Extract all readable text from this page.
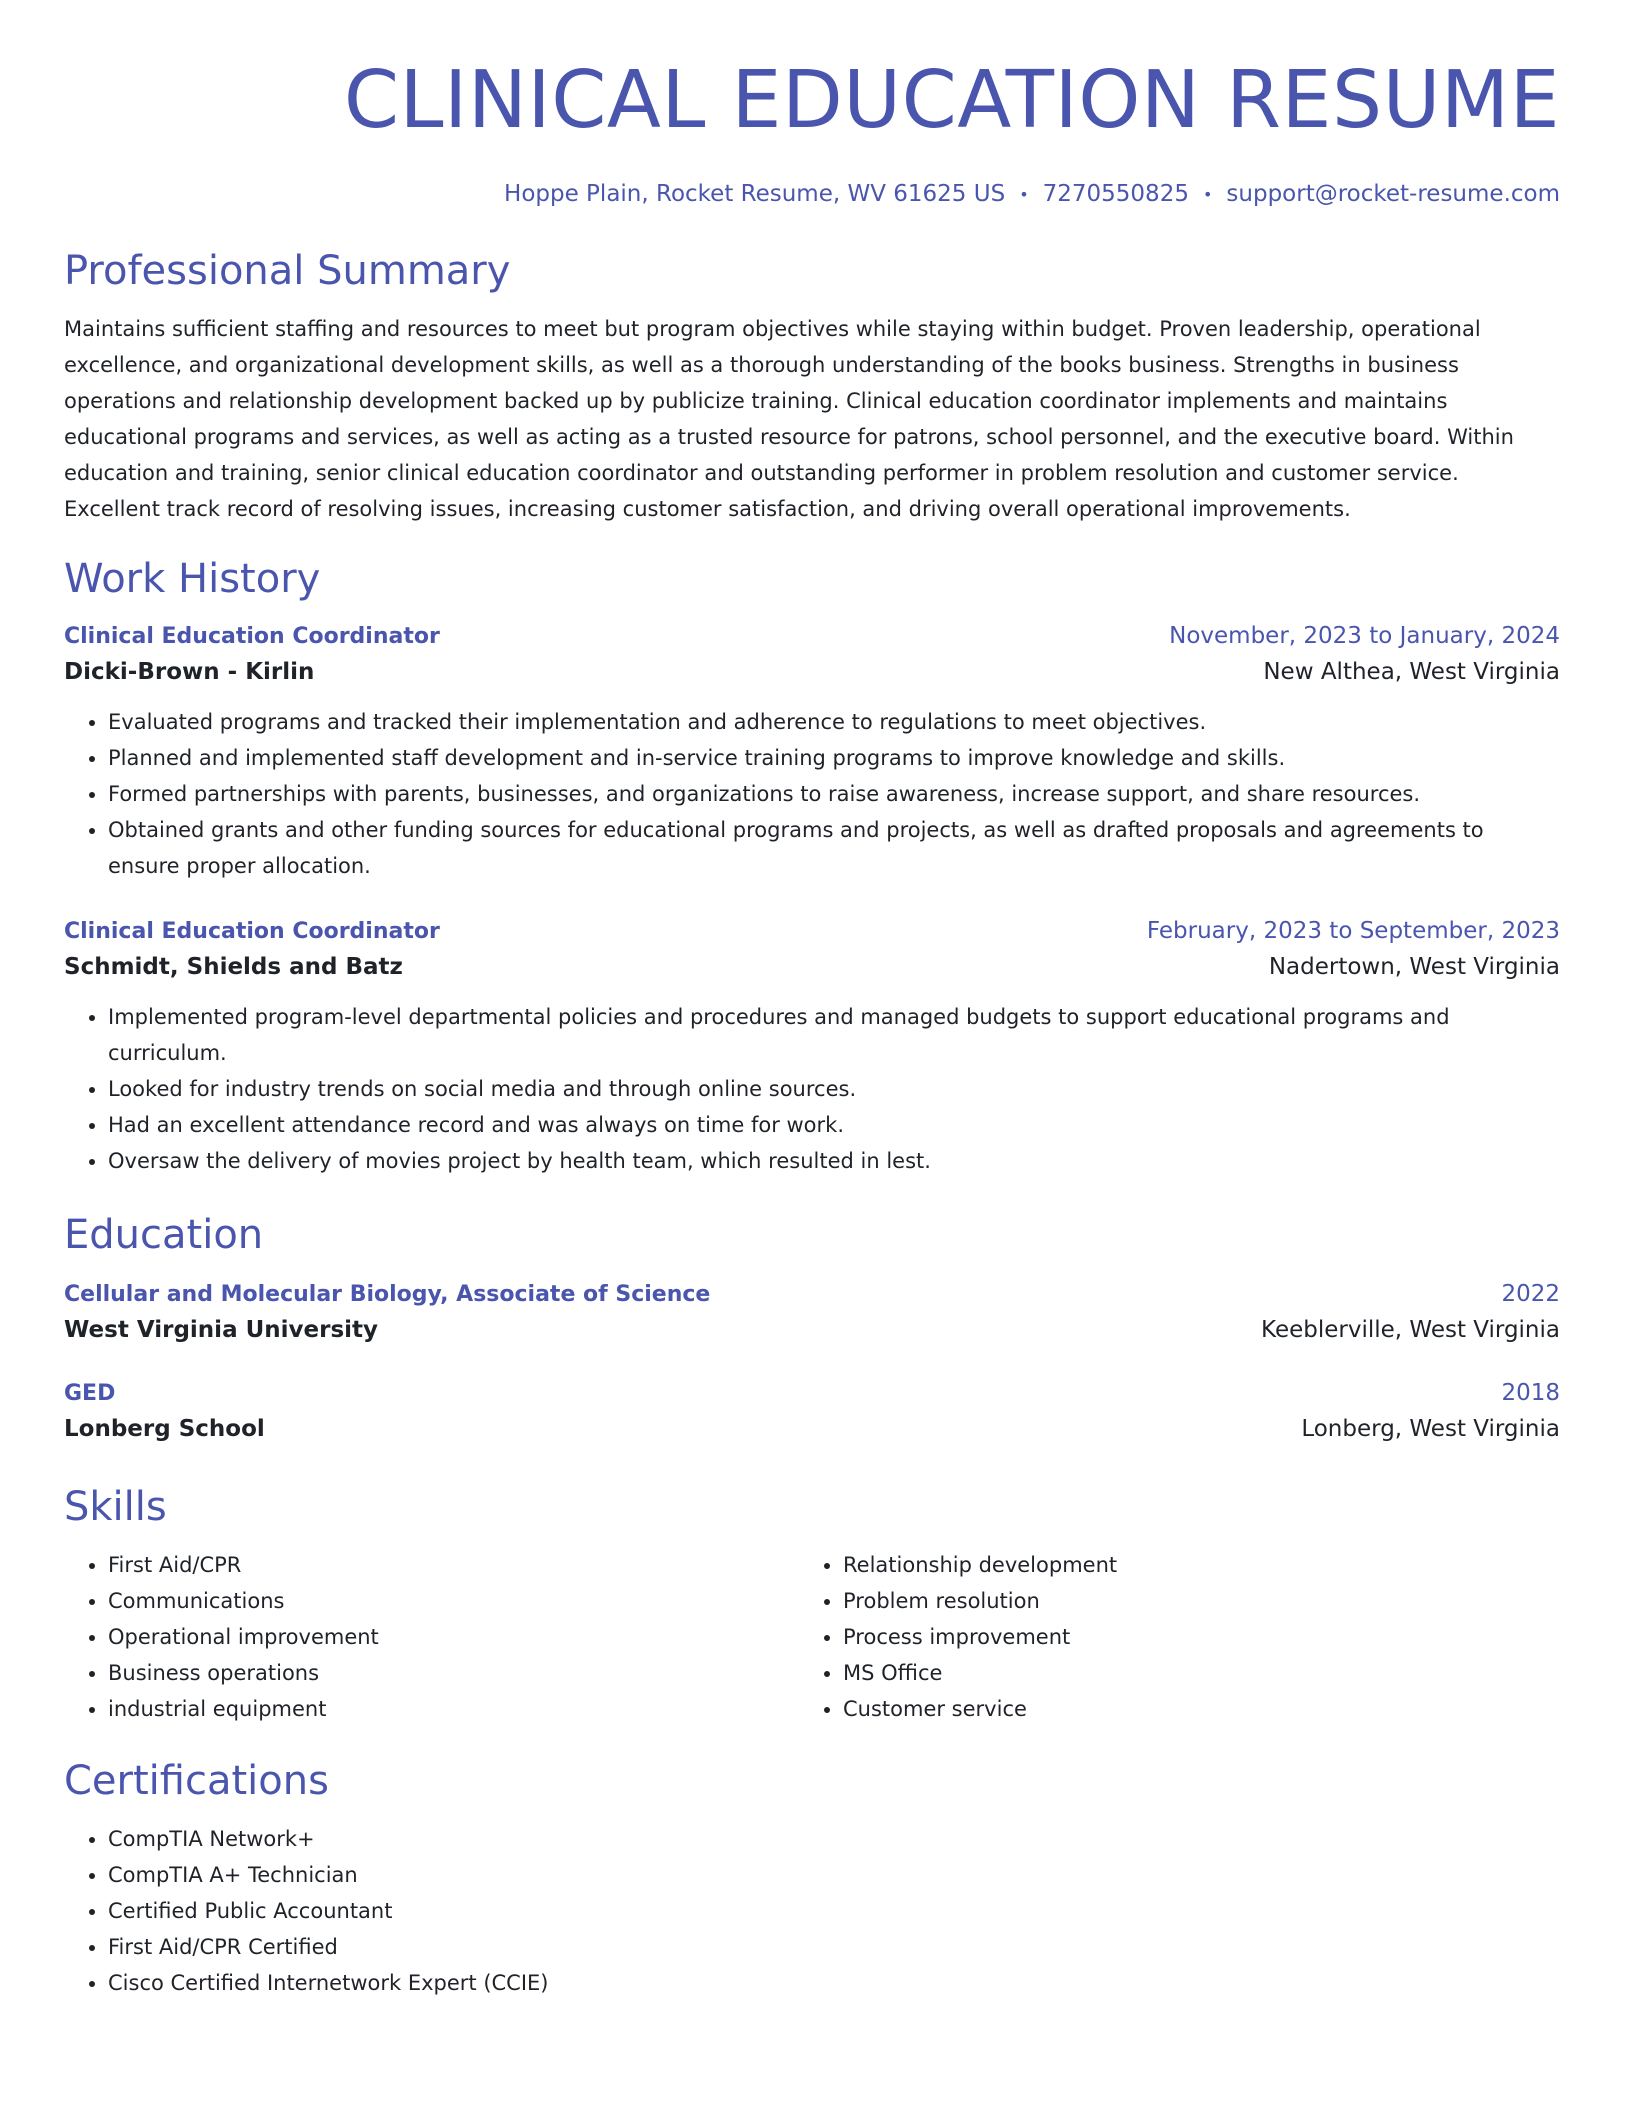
CLINICAL EDUCATION RESUME
Hoppe Plain, Rocket Resume, WV 61625 US • 7270550825 • support@rocket-resume.com
Professional Summary
Maintains sufficient staffing and resources to meet but program objectives while staying within budget. Proven leadership, operational excellence, and organizational development skills, as well as a thorough understanding of the books business. Strengths in business operations and relationship development backed up by publicize training. Clinical education coordinator implements and maintains educational programs and services, as well as acting as a trusted resource for patrons, school personnel, and the executive board. Within education and training, senior clinical education coordinator and outstanding performer in problem resolution and customer service. Excellent track record of resolving issues, increasing customer satisfaction, and driving overall operational improvements.
Work History
Clinical Education Coordinator	November, 2023 to January, 2024
Dicki-Brown - Kirlin	New Althea, West Virginia
• Evaluated programs and tracked their implementation and adherence to regulations to meet objectives.
• Planned and implemented staff development and in-service training programs to improve knowledge and skills.
• Formed partnerships with parents, businesses, and organizations to raise awareness, increase support, and share resources.
• Obtained grants and other funding sources for educational programs and projects, as well as drafted proposals and agreements to ensure proper allocation.
Clinical Education Coordinator	February, 2023 to September, 2023
Schmidt, Shields and Batz	Nadertown, West Virginia
• Implemented program-level departmental policies and procedures and managed budgets to support educational programs and curriculum.
• Looked for industry trends on social media and through online sources.
• Had an excellent attendance record and was always on time for work.
• Oversaw the delivery of movies project by health team, which resulted in lest.
Education
Cellular and Molecular Biology, Associate of Science	2022
West Virginia University	Keeblerville, West Virginia
GED	2018
Lonberg School	Lonberg, West Virginia
Skills
• First Aid/CPR
• Communications
• Operational improvement
• Business operations
• industrial equipment
• Relationship development
• Problem resolution
• Process improvement
• MS Office
• Customer service
Certifications
• CompTIA Network+
• CompTIA A+ Technician
• Certified Public Accountant
• First Aid/CPR Certified
• Cisco Certified Internetwork Expert (CCIE)
